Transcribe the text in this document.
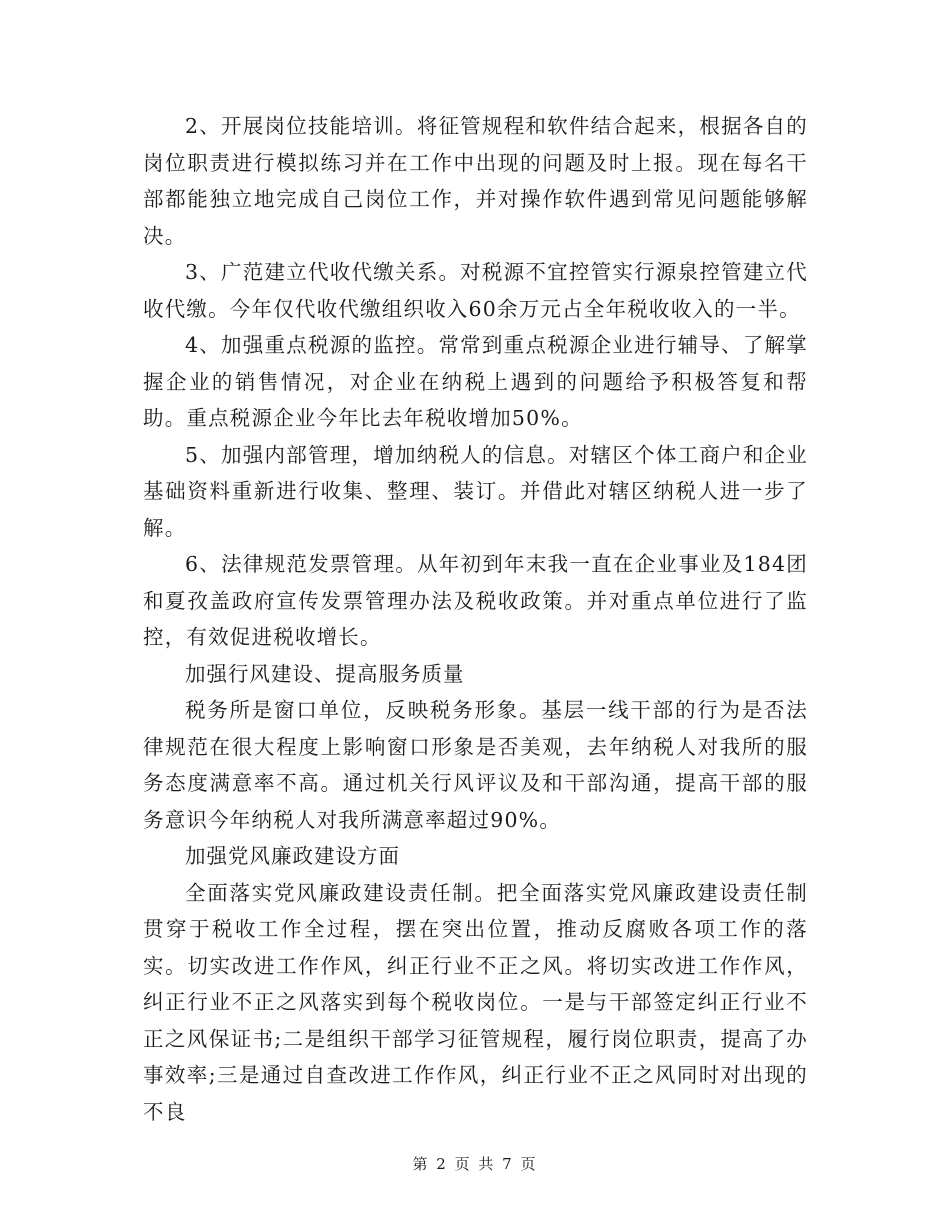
2、开展岗位技能培训。将征管规程和软件结合起来，根据各自的岗位职责进行模拟练习并在工作中出现的问题及时上报。现在每名干部都能独立地完成自己岗位工作，并对操作软件遇到常见问题能够解决。

3、广范建立代收代缴关系。对税源不宜控管实行源泉控管建立代收代缴。今年仅代收代缴组织收入60余万元占全年税收收入的一半。

4、加强重点税源的监控。常常到重点税源企业进行辅导、了解掌握企业的销售情况，对企业在纳税上遇到的问题给予积极答复和帮助。重点税源企业今年比去年税收增加50%。

5、加强内部管理，增加纳税人的信息。对辖区个体工商户和企业基础资料重新进行收集、整理、装订。并借此对辖区纳税人进一步了解。

6、法律规范发票管理。从年初到年末我一直在企业事业及184团和夏孜盖政府宣传发票管理办法及税收政策。并对重点单位进行了监控，有效促进税收增长。

加强行风建设、提高服务质量

税务所是窗口单位，反映税务形象。基层一线干部的行为是否法律规范在很大程度上影响窗口形象是否美观，去年纳税人对我所的服务态度满意率不高。通过机关行风评议及和干部沟通，提高干部的服务意识今年纳税人对我所满意率超过90%。

加强党风廉政建设方面

全面落实党风廉政建设责任制。把全面落实党风廉政建设责任制贯穿于税收工作全过程，摆在突出位置，推动反腐败各项工作的落实。切实改进工作作风，纠正行业不正之风。将切实改进工作作风，纠正行业不正之风落实到每个税收岗位。一是与干部签定纠正行业不正之风保证书;二是组织干部学习征管规程，履行岗位职责，提高了办事效率;三是通过自查改进工作作风，纠正行业不正之风同时对出现的不良

第 2 页 共 7 页
